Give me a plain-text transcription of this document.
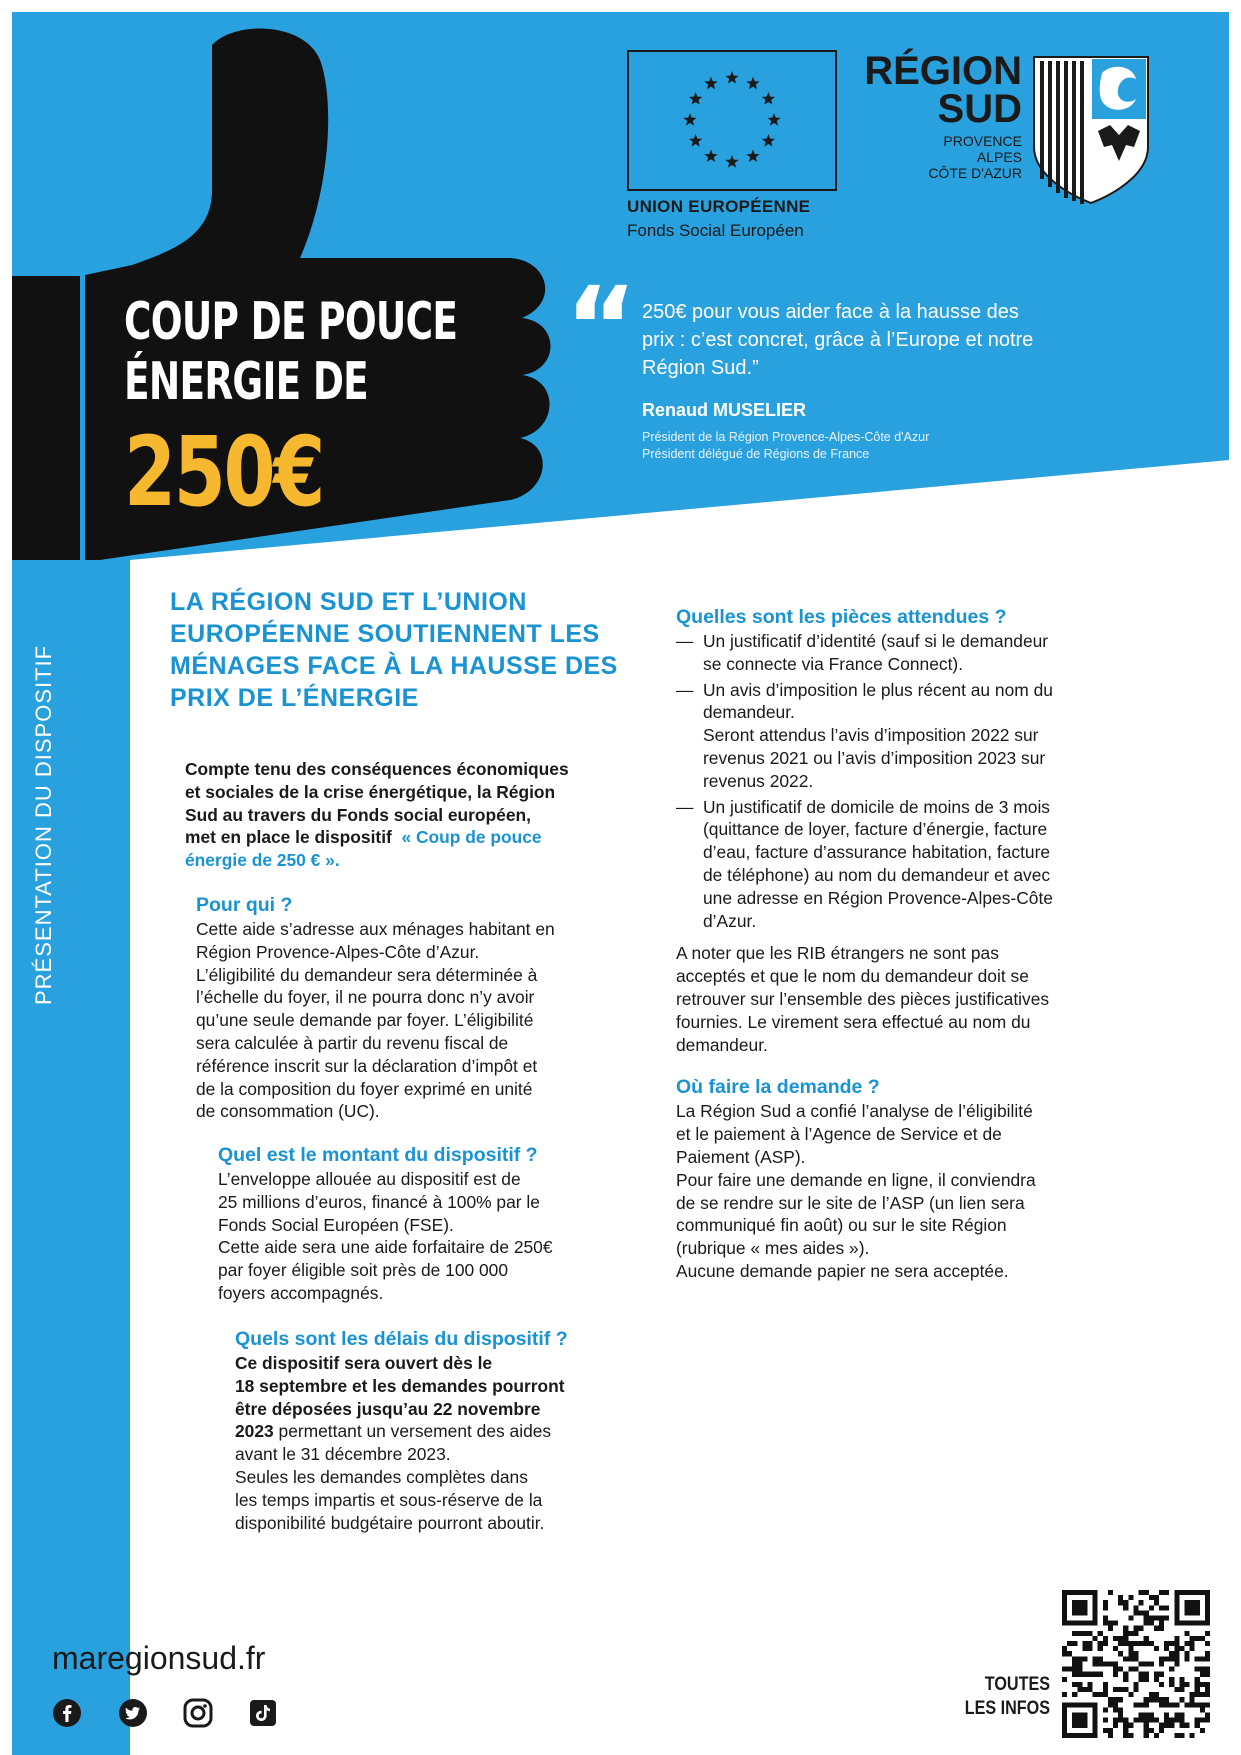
UNION EUROPÉENNE
Fonds Social Européen
RÉGION
SUD
PROVENCE
ALPES
CÔTE D'AZUR
COUP DE POUCE
ÉNERGIE DE
250€
“ 250€ pour vous aider face à la hausse des
prix : c’est concret, grâce à l’Europe et notre
Région Sud.”
Renaud MUSELIER
Président de la Région Provence-Alpes-Côte d'Azur
Président délégué de Régions de France
PRÉSENTATION DU DISPOSITIF
LA RÉGION SUD ET L’UNION
EUROPÉENNE SOUTIENNENT LES
MÉNAGES FACE À LA HAUSSE DES
PRIX DE L’ÉNERGIE
Compte tenu des conséquences économiques
et sociales de la crise énergétique, la Région
Sud au travers du Fonds social européen,
met en place le dispositif « Coup de pouce
énergie de 250 € ».
Pour qui ?
Cette aide s’adresse aux ménages habitant en
Région Provence-Alpes-Côte d’Azur.
L’éligibilité du demandeur sera déterminée à
l’échelle du foyer, il ne pourra donc n’y avoir
qu’une seule demande par foyer. L’éligibilité
sera calculée à partir du revenu fiscal de
référence inscrit sur la déclaration d’impôt et
de la composition du foyer exprimé en unité
de consommation (UC).
Quel est le montant du dispositif ?
L’enveloppe allouée au dispositif est de
25 millions d’euros, financé à 100% par le
Fonds Social Européen (FSE).
Cette aide sera une aide forfaitaire de 250€
par foyer éligible soit près de 100 000
foyers accompagnés.
Quels sont les délais du dispositif ?
Ce dispositif sera ouvert dès le
18 septembre et les demandes pourront
être déposées jusqu’au 22 novembre
2023 permettant un versement des aides
avant le 31 décembre 2023.
Seules les demandes complètes dans
les temps impartis et sous-réserve de la
disponibilité budgétaire pourront aboutir.
Quelles sont les pièces attendues ?
— Un justificatif d’identité (sauf si le demandeur
se connecte via France Connect).
— Un avis d’imposition le plus récent au nom du
demandeur.
Seront attendus l’avis d’imposition 2022 sur
revenus 2021 ou l’avis d’imposition 2023 sur
revenus 2022.
— Un justificatif de domicile de moins de 3 mois
(quittance de loyer, facture d’énergie, facture
d’eau, facture d’assurance habitation, facture
de téléphone) au nom du demandeur et avec
une adresse en Région Provence-Alpes-Côte
d’Azur.
A noter que les RIB étrangers ne sont pas
acceptés et que le nom du demandeur doit se
retrouver sur l’ensemble des pièces justificatives
fournies. Le virement sera effectué au nom du
demandeur.
Où faire la demande ?
La Région Sud a confié l’analyse de l’éligibilité
et le paiement à l’Agence de Service et de
Paiement (ASP).
Pour faire une demande en ligne, il conviendra
de se rendre sur le site de l’ASP (un lien sera
communiqué fin août) ou sur le site Région
(rubrique « mes aides »).
Aucune demande papier ne sera acceptée.
maregionsud.fr
TOUTES
LES INFOS
